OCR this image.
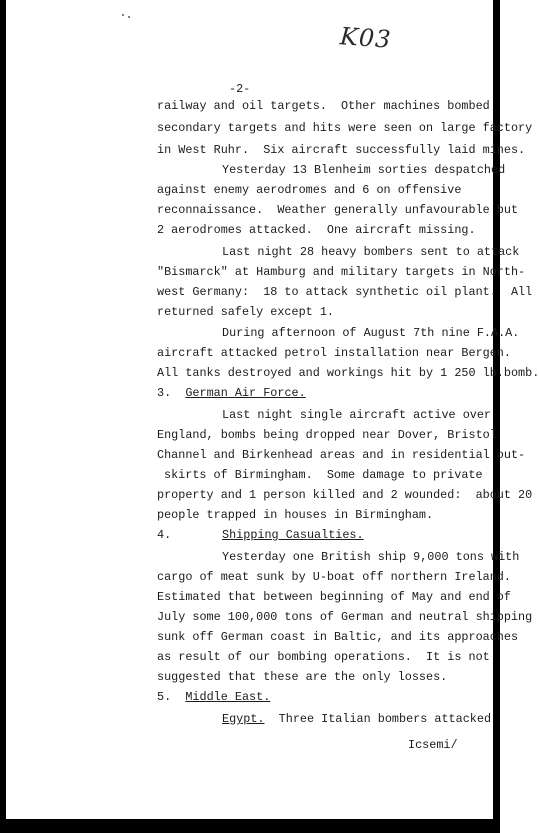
K03
-2-
railway and oil targets.  Other machines bombed
secondary targets and hits were seen on large factory
in West Ruhr.  Six aircraft successfully laid mines.
Yesterday 13 Blenheim sorties despatched
against enemy aerodromes and 6 on offensive
reconnaissance.  Weather generally unfavourable but
2 aerodromes attacked.  One aircraft missing.
Last night 28 heavy bombers sent to attack
"Bismarck" at Hamburg and military targets in North-
west Germany:  18 to attack synthetic oil plant.  All
returned safely except 1.
During afternoon of August 7th nine F.A.A.
aircraft attacked petrol installation near Bergen.
All tanks destroyed and workings hit by 1 250 lb.bomb.
3. German Air Force.
Last night single aircraft active over
England, bombs being dropped near Dover, Bristol
Channel and Birkenhead areas and in residential out-
skirts of Birmingham.  Some damage to private
property and 1 person killed and 2 wounded:  about 20
people trapped in houses in Birmingham.
4.	Shipping Casualties.
Yesterday one British ship 9,000 tons with
cargo of meat sunk by U-boat off northern Ireland.
Estimated that between beginning of May and end of
July some 100,000 tons of German and neutral shipping
sunk off German coast in Baltic, and its approaches
as result of our bombing operations.  It is not
suggested that these are the only losses.
5. Middle East.
Egypt. Three Italian bombers attacked
Icsemi/
